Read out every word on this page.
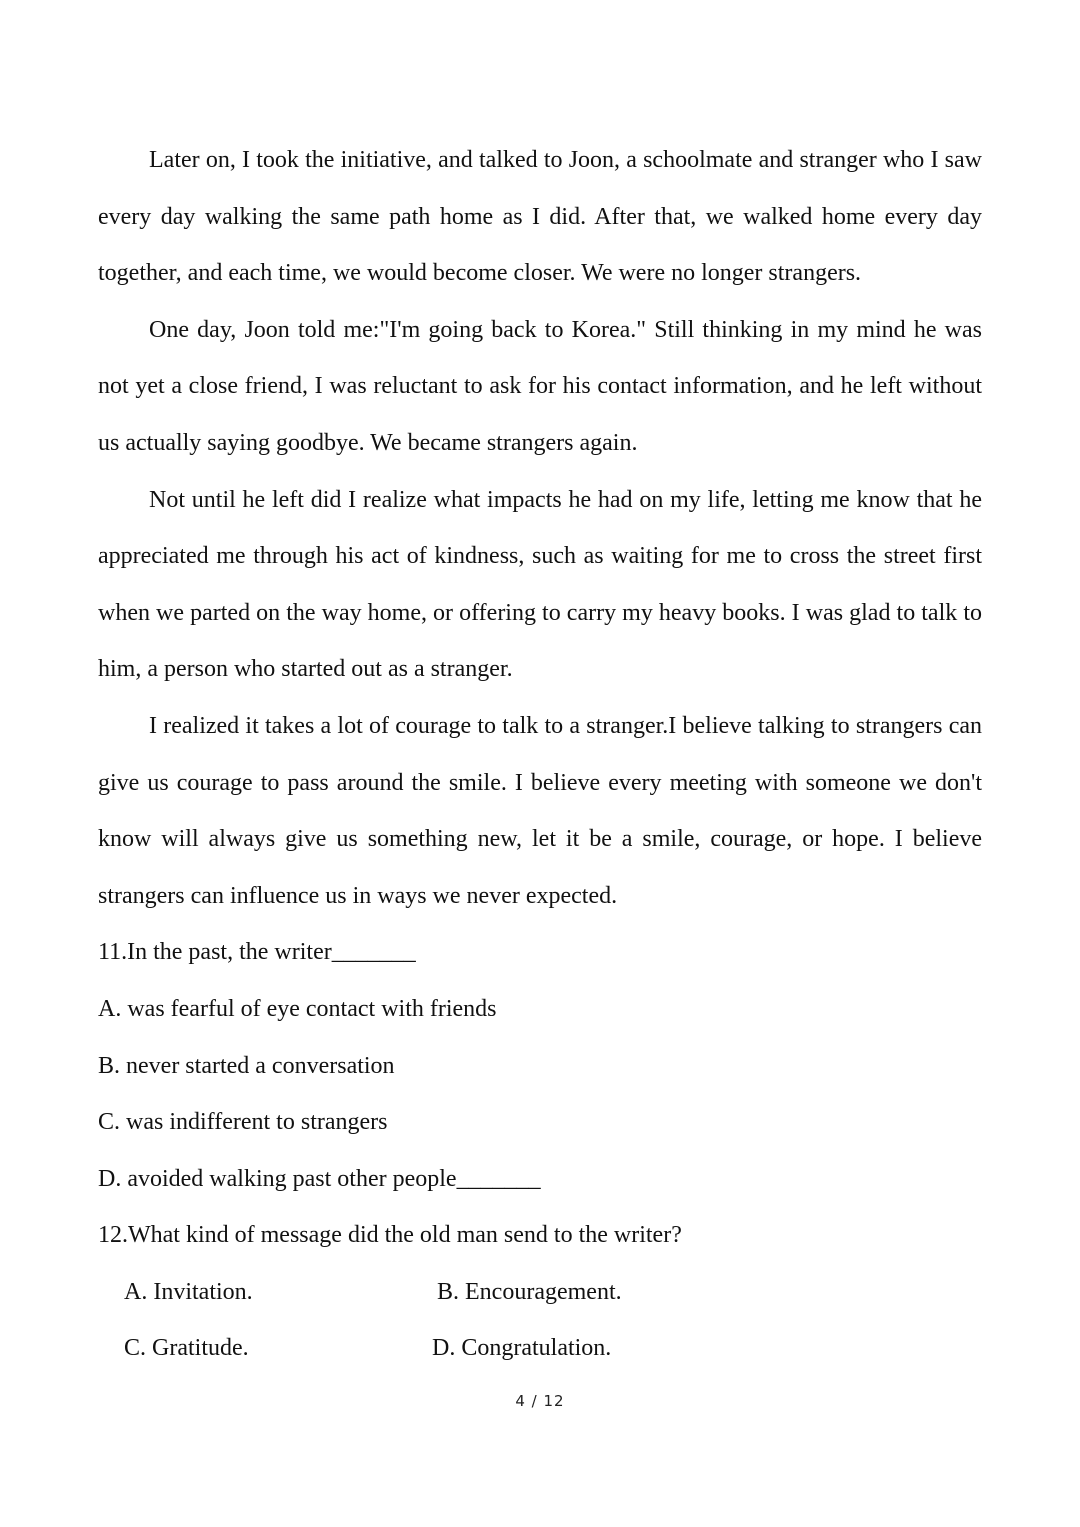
Later on, I took the initiative, and talked to Joon, a schoolmate and stranger who I saw every day walking the same path home as I did. After that, we walked home every day together, and each time, we would become closer. We were no longer strangers.

One day, Joon told me:"I'm going back to Korea." Still thinking in my mind he was not yet a close friend, I was reluctant to ask for his contact information, and he left without us actually saying goodbye. We became strangers again.

Not until he left did I realize what impacts he had on my life, letting me know that he appreciated me through his act of kindness, such as waiting for me to cross the street first when we parted on the way home, or offering to carry my heavy books. I was glad to talk to him, a person who started out as a stranger.

I realized it takes a lot of courage to talk to a stranger.I believe talking to strangers can give us courage to pass around the smile. I believe every meeting with someone we don't know will always give us something new, let it be a smile, courage, or hope. I believe strangers can influence us in ways we never expected.

11.In the past, the writer_______

A. was fearful of eye contact with friends

B. never started a conversation

C. was indifferent to strangers

D. avoided walking past other people_______

12.What kind of message did the old man send to the writer?

A. Invitation.	B. Encouragement.
C. Gratitude.	D. Congratulation.
4 / 12
